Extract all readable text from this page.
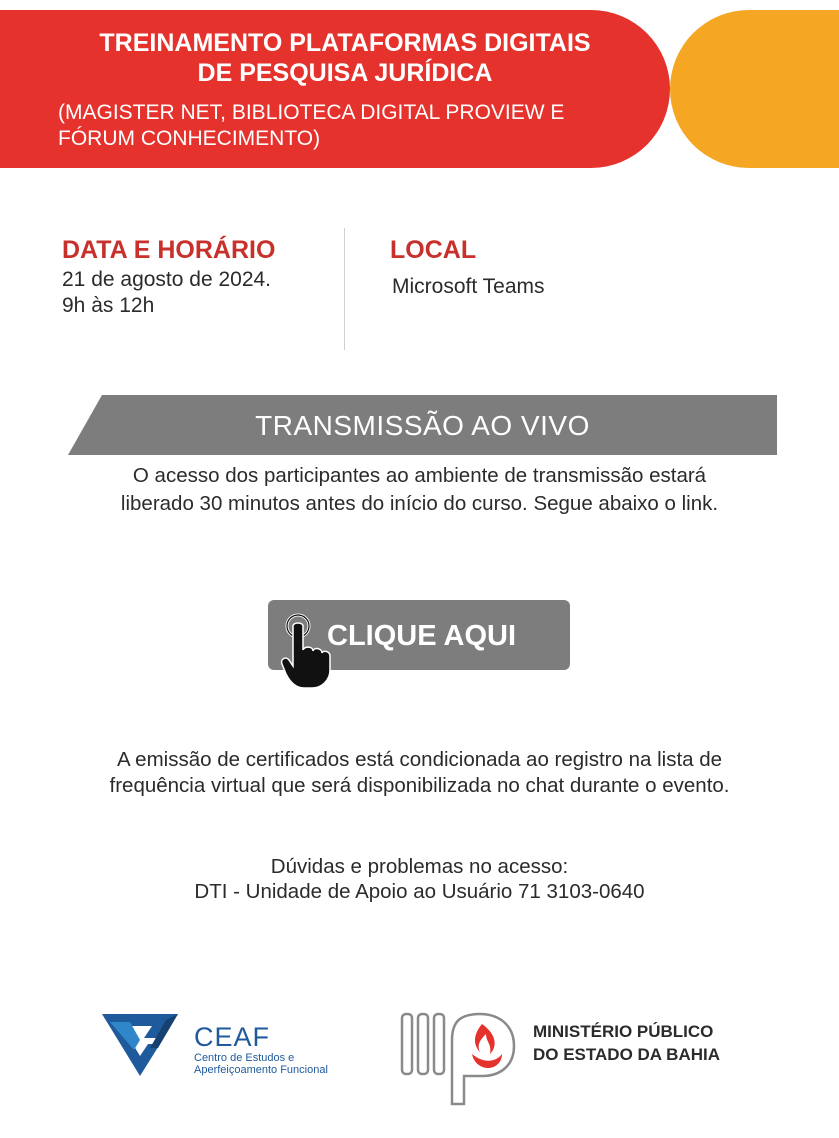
TREINAMENTO PLATAFORMAS DIGITAIS
DE PESQUISA JURÍDICA
(MAGISTER NET, BIBLIOTECA DIGITAL PROVIEW E
FÓRUM CONHECIMENTO)
DATA E HORÁRIO
21 de agosto de 2024.
9h às 12h
LOCAL
Microsoft Teams
TRANSMISSÃO AO VIVO
O acesso dos participantes ao ambiente de transmissão estará
liberado 30 minutos antes do início do curso. Segue abaixo o link.
CLIQUE AQUI
A emissão de certificados está condicionada ao registro na lista de
frequência virtual que será disponibilizada no chat durante o evento.
Dúvidas e problemas no acesso:
DTI - Unidade de Apoio ao Usuário 71 3103-0640
CEAF
Centro de Estudos e
Aperfeiçoamento Funcional
MINISTÉRIO PÚBLICO
DO ESTADO DA BAHIA
